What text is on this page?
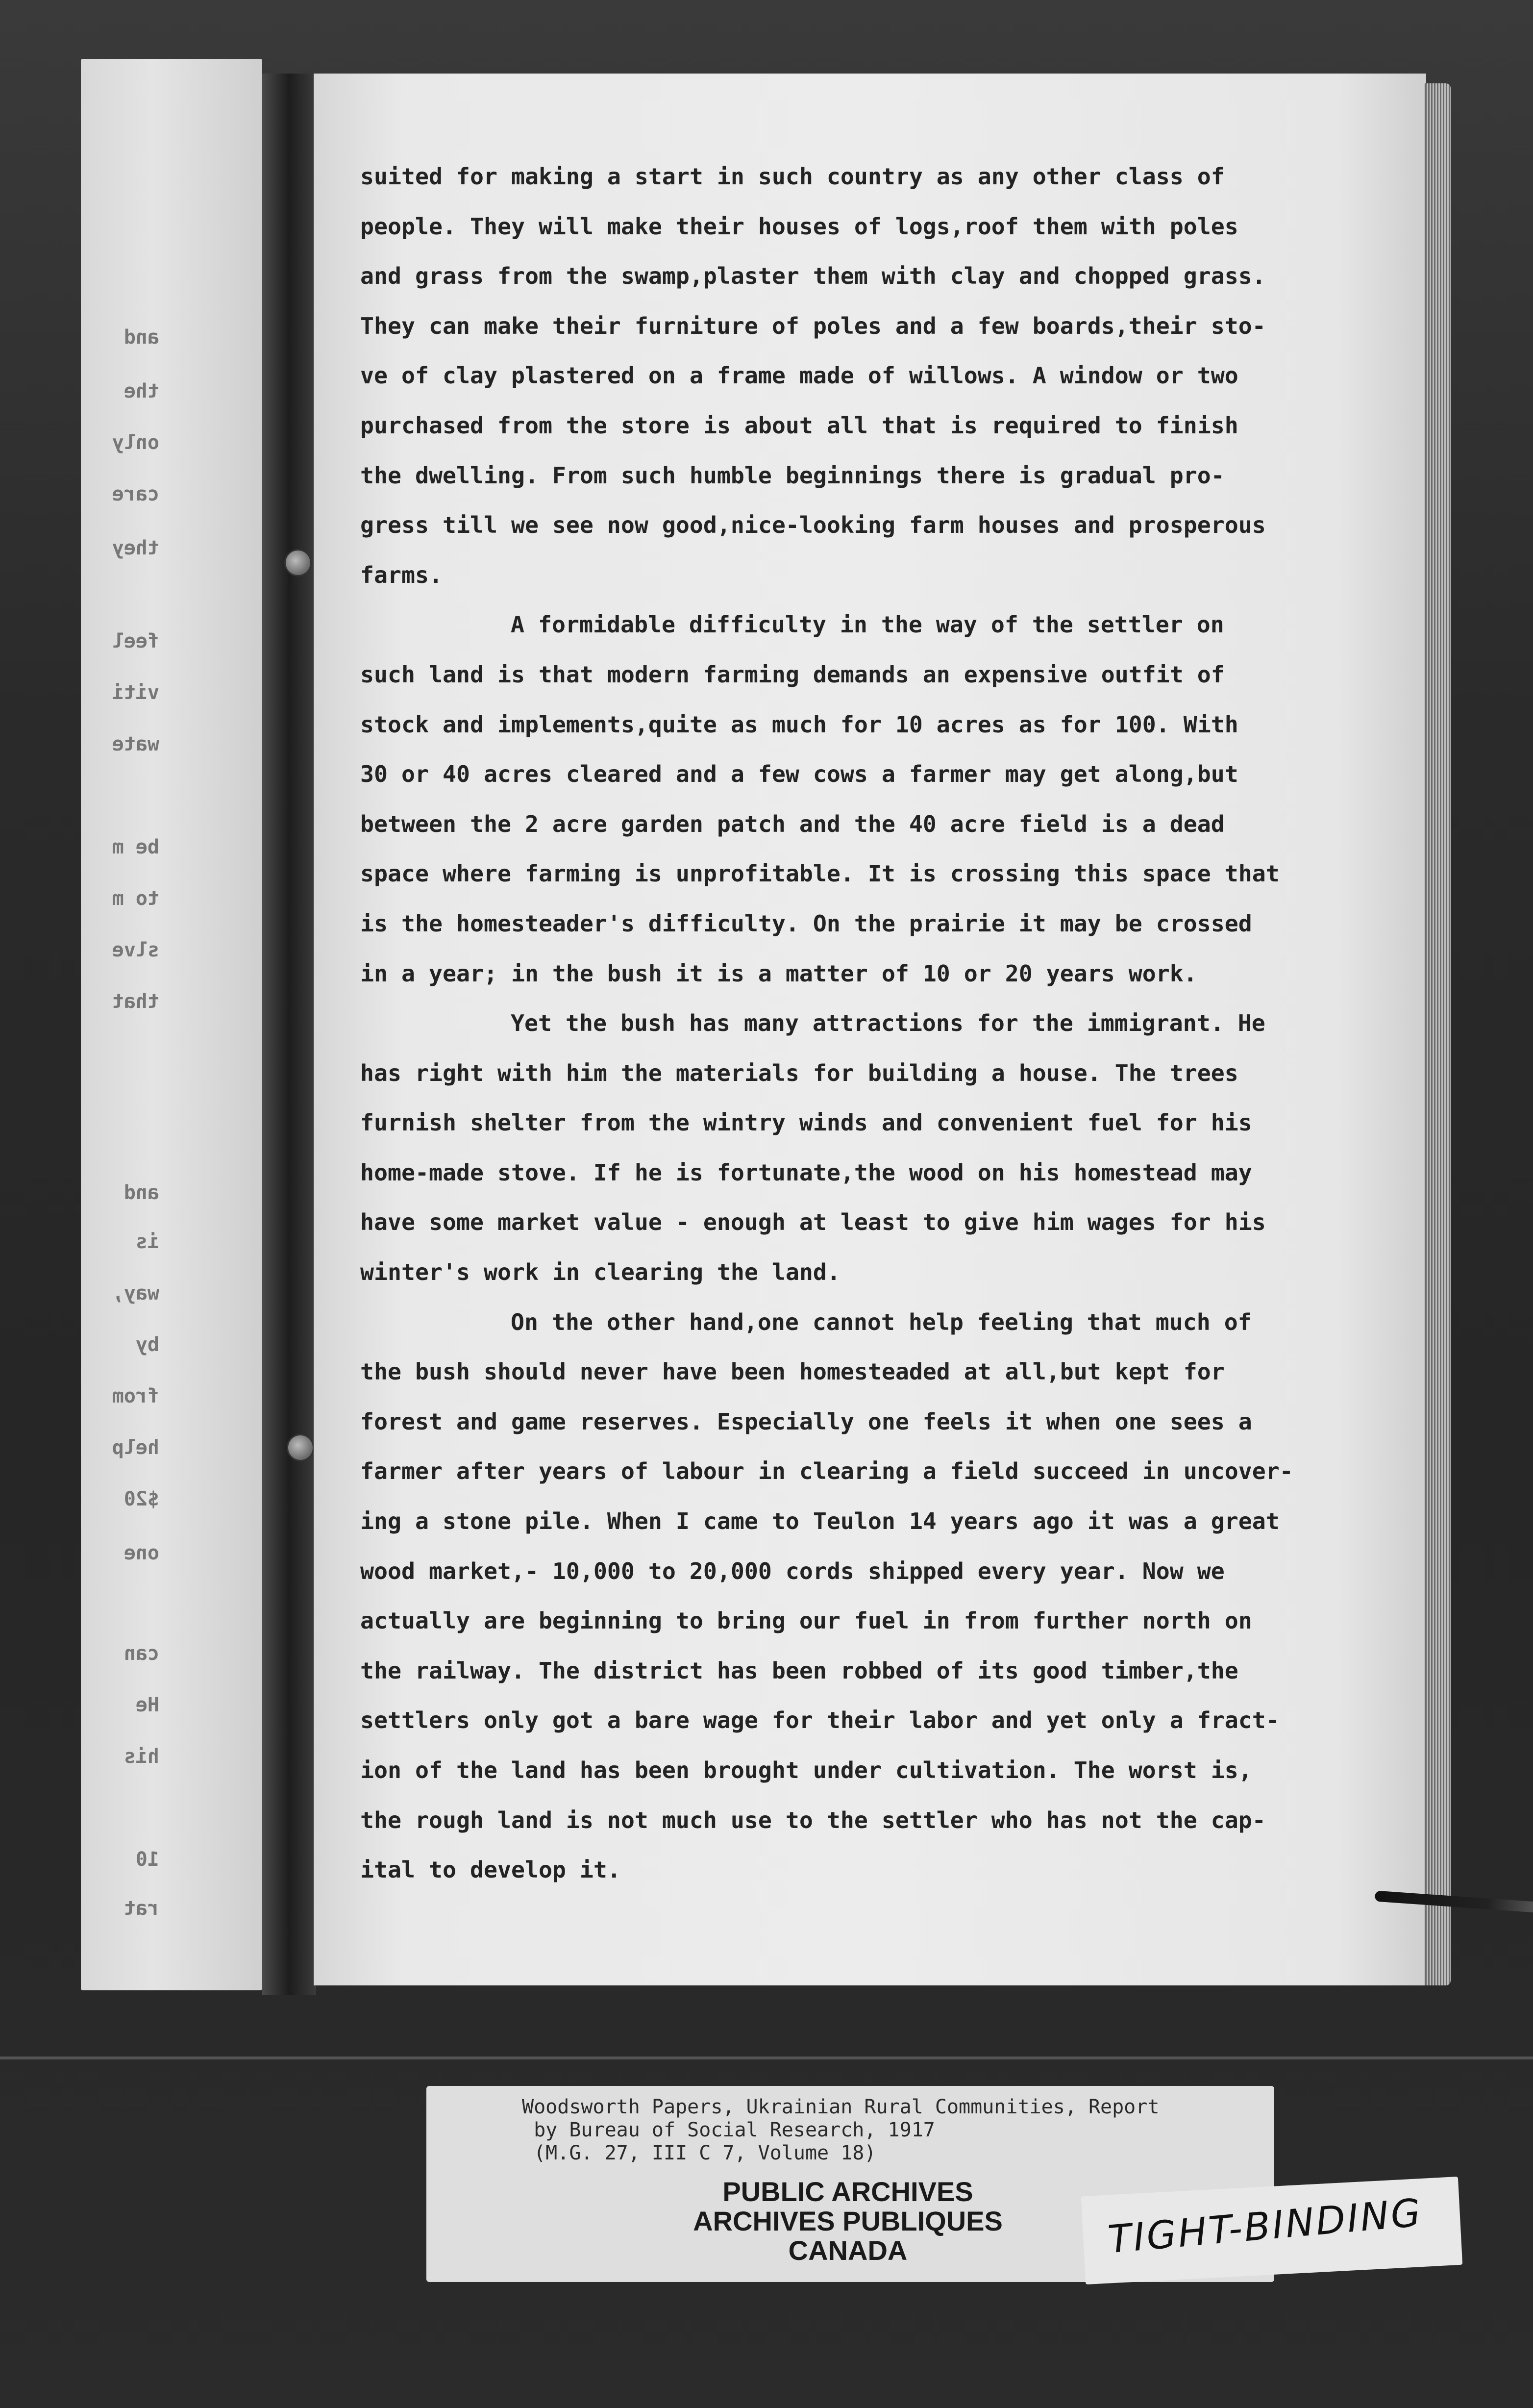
and
the
only
care
they
feel
viti
wate
be m
to m
slve
that
and
is
way,
by
from
help
$20
one
can
He
his
10
rat
suited for making a start in such country as any other class of
people. They will make their houses of logs,roof them with poles
and grass from the swamp,plaster them with clay and chopped grass.
They can make their furniture of poles and a few boards,their sto-
ve of clay plastered on a frame made of willows. A window or two
purchased from the store is about all that is required to finish
the dwelling. From such humble beginnings there is gradual pro-
gress till we see now good,nice-looking farm houses and prosperous
farms.
A formidable difficulty in the way of the settler on
such land is that modern farming demands an expensive outfit of
stock and implements,quite as much for 10 acres as for 100. With
30 or 40 acres cleared and a few cows a farmer may get along,but
between the 2 acre garden patch and the 40 acre field is a dead
space where farming is unprofitable. It is crossing this space that
is the homesteader's difficulty. On the prairie it may be crossed
in a year; in the bush it is a matter of 10 or 20 years work.
Yet the bush has many attractions for the immigrant. He
has right with him the materials for building a house. The trees
furnish shelter from the wintry winds and convenient fuel for his
home-made stove. If he is fortunate,the wood on his homestead may
have some market value - enough at least to give him wages for his
winter's work in clearing the land.
On the other hand,one cannot help feeling that much of
the bush should never have been homesteaded at all,but kept for
forest and game reserves. Especially one feels it when one sees a
farmer after years of labour in clearing a field succeed in uncover-
ing a stone pile. When I came to Teulon 14 years ago it was a great
wood market,- 10,000 to 20,000 cords shipped every year. Now we
actually are beginning to bring our fuel in from further north on
the railway. The district has been robbed of its good timber,the
settlers only got a bare wage for their labor and yet only a fract-
ion of the land has been brought under cultivation. The worst is,
the rough land is not much use to the settler who has not the cap-
ital to develop it.
Woodsworth Papers, Ukrainian Rural Communities, Report
by Bureau of Social Research, 1917
(M.G. 27, III C 7, Volume 18)
PUBLIC ARCHIVES
ARCHIVES PUBLIQUES
CANADA	TIGHT-BINDING
